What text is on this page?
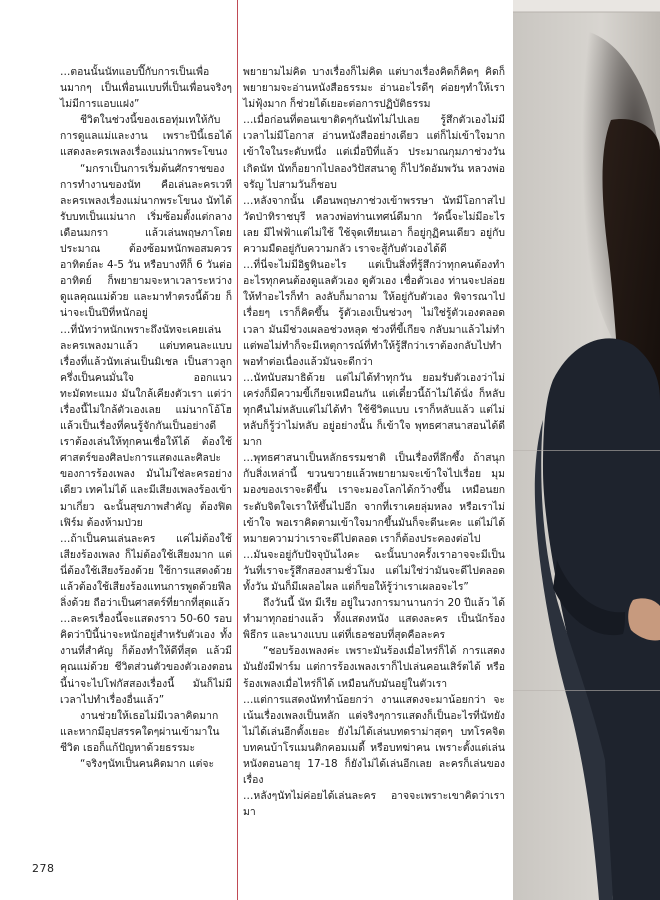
…ตอนนั้นนัทแอบปี๊กับการเป็นเพื่อนมากๆ เป็นเพื่อนแบบที่เป็นเพื่อนจริงๆ ไม่มีการแอบแฝง”

ชีวิตในช่วงนี้ของเธอทุ่มเทให้กับการดูแลแม่และงาน เพราะปีนี้เธอได้แสดงละครเพลงเรื่องแม่นากพระโขนง

“มกราเป็นการเริ่มต้นศักราชของการทำงานของนัท คือเล่นละครเวที ละครเพลงเรื่องแม่นากพระโขนง นัทได้รับบทเป็นแม่นาก เริ่มซ้อมตั้งแต่กลางเดือนมกรา แล้วเล่นพฤษภาโดยประมาณ ต้องซ้อมหนักพอสมควร อาทิตย์ละ 4-5 วัน หรือบางทีก็ 6 วันต่ออาทิตย์ ก็พยายามจะหาเวลาระหว่างดูแลคุณแม่ด้วย และมาทำตรงนี้ด้วย ก็น่าจะเป็นปีที่หนักอยู่

…ที่นัทว่าหนักเพราะถึงนัทจะเคยเล่นละครเพลงมาแล้ว แต่บทคนละแบบ เรื่องที่แล้วนัทเล่นเป็นมิเชล เป็นสาวลูกครึ่งเป็นคนมั่นใจ ออกแนวทะมัดทะแมง มันใกล้เคียงตัวเรา แต่ว่าเรื่องนี้ไม่ใกล้ตัวเองเลย แม่นากโอ้โฮ แล้วเป็นเรื่องที่คนรู้จักกันเป็นอย่างดี เราต้องเล่นให้ทุกคนเชื่อให้ได้ ต้องใช้ศาสตร์ของศิลปะการแสดงและศิลปะของการร้องเพลง มันไม่ใช่ละครอย่างเดียว เทคไม่ได้ และมีเสียงเพลงร้องเข้ามาเกี่ยว ฉะนั้นสุขภาพสำคัญ ต้องฟิตเฟิร์ม ต้องห้ามป่วย

…ถ้าเป็นคนเล่นละคร แค่ไม่ต้องใช้เสียงร้องเพลง ก็ไม่ต้องใช้เสียงมาก แต่นี่ต้องใช้เสียงร้องด้วย ใช้การแสดงด้วยแล้วต้องใช้เสียงร้องแทนการพูดด้วยฟีลลิ่งด้วย ถือว่าเป็นศาสตร์ที่ยากที่สุดแล้ว

…ละครเรื่องนี้จะแสดงราว 50-60 รอบคิดว่าปีนี้น่าจะหนักอยู่สำหรับตัวเอง ทั้งงานที่สำคัญ ก็ต้องทำให้ดีที่สุด แล้วมีคุณแม่ด้วย ชีวิตส่วนตัวของตัวเองตอนนี้น่าจะไปโฟกัสสองเรื่องนี้ มันก็ไม่มีเวลาไปทำเรื่องอื่นแล้ว”

งานช่วยให้เธอไม่มีเวลาคิดมาก และหากมีอุปสรรคใดๆผ่านเข้ามาในชีวิต เธอก็แก้ปัญหาด้วยธรรมะ

“จริงๆนัทเป็นคนคิดมาก แต่จะ

พยายามไม่คิด บางเรื่องก็ไม่คิด แต่บางเรื่องคิดก็คิดๆ คิดก็พยายามจะอ่านหนังสือธรรมะ อ่านอะไรดีๆ ค่อยๆทำให้เราไม่ฟุ้งมาก ก็ช่วยได้เยอะต่อการปฏิบัติธรรม

…เมื่อก่อนที่ตอนเขาติดๆกันนัทไม่ไปเลย รู้สึกตัวเองไม่มีเวลาไม่มีโอกาส อ่านหนังสืออย่างเดียว แต่ก็ไม่เข้าใจมาก เข้าใจในระดับหนึ่ง แต่เมื่อปีที่แล้ว ประมาณกุมภาช่วงวันเกิดนัท นัทก็อยากไปลองวิปัสสนาดู ก็ไปวัดอัมพวัน หลวงพ่อจรัญ ไปสามวันก็ชอบ

…หลังจากนั้น เดือนพฤษภาช่วงเข้าพรรษา นัทมีโอกาสไปวัดป่าทิราชบุรี หลวงพ่อท่านเทศน์ดีมาก วัดนี้จะไม่มีอะไรเลย มีไฟฟ้าแต่ไม่ใช้ ใช้จุดเทียนเอา ก็อยู่กุฏิคนเดียว อยู่กับความมืดอยู่กับความกลัว เราจะสู้กับตัวเองได้ดี

…ที่นี่จะไม่มีอิฐหินอะไร แต่เป็นสิ่งที่รู้สึกว่าทุกคนต้องทำอะไรทุกคนต้องดูแลตัวเอง ดูตัวเอง เชื่อตัวเอง ท่านจะปล่อยให้ทำอะไรก็ทำ ลงลับก็มาถาม ให้อยู่กับตัวเอง พิจารณาไปเรื่อยๆ เราก็คิดขึ้น รู้ตัวเองเป็นช่วงๆ ไม่ใช่รู้ตัวเองตลอดเวลา มันมีช่วงเผลอช่วงหลุด ช่วงที่ขี้เกียจ กลับมาแล้วไม่ทำ แต่พอไม่ทำก็จะมีเหตุการณ์ที่ทำให้รู้สึกว่าเราต้องกลับไปทำ พอทำต่อเนื่องแล้วมันจะดีกว่า

…นัทนับสมาธิด้วย แต่ไม่ได้ทำทุกวัน ยอมรับตัวเองว่าไม่เคร่งก็มีความขี้เกียจเหมือนกัน แต่เดี๋ยวนี้ถ้าไม่ได้นั่ง ก็หลับทุกคืนไม่หลับแต่ไม่ได้ทำ ใช้ชีวิตแบบ เราก็หลับแล้ว แต่ไม่หลับก็รู้ว่าไม่หลับ อยู่อย่างนั้น ก็เข้าใจ พุทธศาสนาสอนได้ดีมาก

…พุทธศาสนาเป็นหลักธรรมชาติ เป็นเรื่องที่ลึกซึ้ง ถ้าสนุกกับสิ่งเหล่านี้ ขวนขวายแล้วพยายามจะเข้าใจไปเรื่อย มุมมองของเราจะดีขึ้น เราจะมองโลกได้กว้างขึ้น เหมือนยกระดับจิตใจเราให้ขึ้นไปอีก จากที่เราเคยลุ่มหลง หรือเราไม่เข้าใจ พอเราคิดตามเข้าใจมากขึ้นมันก็จะดีนะคะ แต่ไม่ได้หมายความว่าเราจะดีไปตลอด เราก็ต้องประคองต่อไป

…มันจะอยู่กับปัจจุบันไงคะ ฉะนั้นบางครั้งเราอาจจะมีเป็นวันที่เราจะรู้สึกสองสามชั่วโมง แต่ไม่ใช่ว่ามันจะดีไปตลอดทั้งวัน มันก็มีเผลอไผล แต่ก็ขอให้รู้ว่าเราเผลอจะไร”

ถึงวันนี้ นัท มีเรีย อยู่ในวงการมานานกว่า 20 ปีแล้ว ได้ทำมาทุกอย่างแล้ว ทั้งแสดงหนัง แสดงละคร เป็นนักร้อง พิธีกร และนางแบบ แต่ที่เธอชอบที่สุดคือละคร

“ชอบร้องเพลงค่ะ เพราะมันร้องเมื่อไหร่ก็ได้ การแสดงมันยังมีฟาร์ม แต่การร้องเพลงเราก็ไปเล่นคอนเสิร์ตได้ หรือร้องเพลงเมื่อไหร่ก็ได้ เหมือนกับมันอยู่ในตัวเรา

…แต่การแสดงนัททำน้อยกว่า งานแสดงจะมาน้อยกว่า จะเน้นเรื่องเพลงเป็นหลัก แต่จริงๆการแสดงก็เป็นอะไรที่นัทยังไม่ได้เล่นอีกตั้งเยอะ ยังไม่ได้เล่นบทดราม่าสุดๆ บทโรคจิต บทคนบ้าโรแมนติกคอมเมดี้ หรือบทฆ่าคน เพราะตั้งแต่เล่นหนังตอนอายุ 17-18 ก็ยังไม่ได้เล่นอีกเลย ละครก็เล่นของเรื่อง

…หลังๆนัทไม่ค่อยได้เล่นละคร อาจจะเพราะเขาคิดว่าเรามา

278
